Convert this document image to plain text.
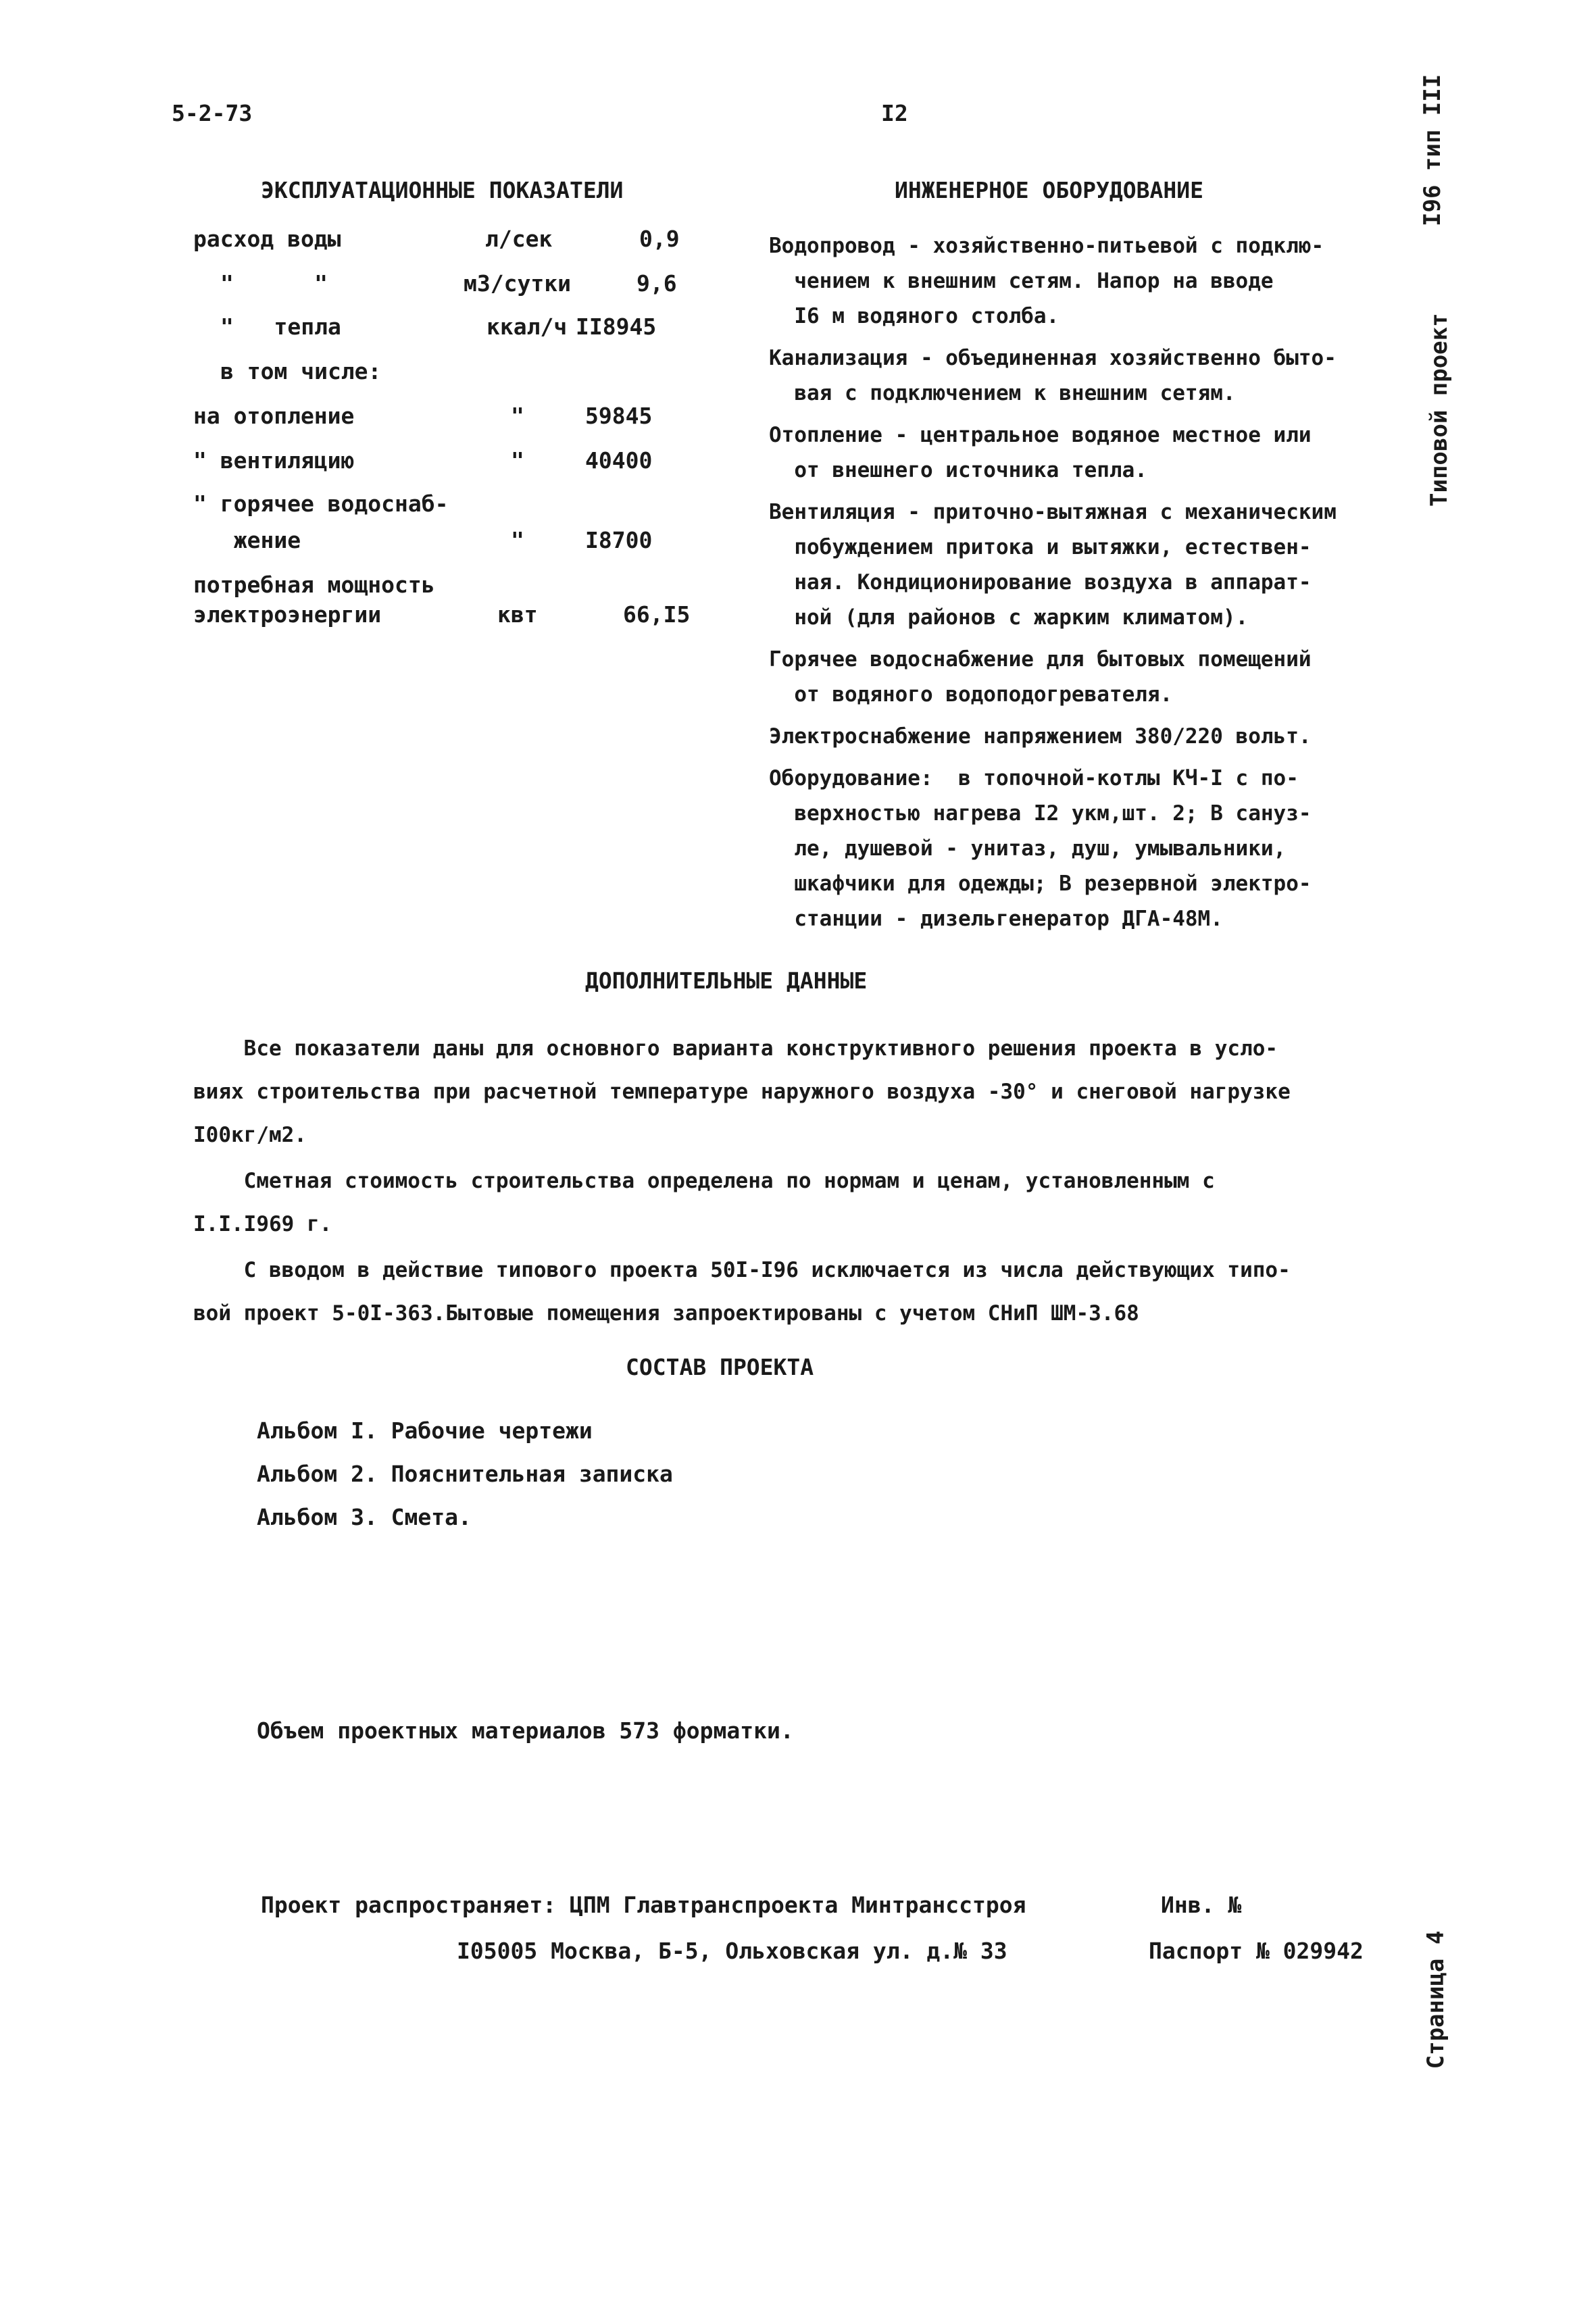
5-2-73	I2	I96 тип III
Типовой проект
Страница 4
ЭКСПЛУАТАЦИОННЫЕ ПОКАЗАТЕЛИ
расход воды	л/сек	0,9
"      "	м3/сутки	9,6
"   тепла	ккал/ч II8945
в том числе:
на отопление	"	59845
" вентиляцию	"	40400
" горячее водоснаб-
жение	"	I8700
потребная мощность
электроэнергии	квт	66,I5
ИНЖЕНЕРНОЕ ОБОРУДОВАНИЕ
Водопровод - хозяйственно-питьевой с подклю-
чением к внешним сетям. Напор на вводе
I6 м водяного столба.
Канализация - объединенная хозяйственно быто-
вая с подключением к внешним сетям.
Отопление - центральное водяное местное или
от внешнего источника тепла.
Вентиляция - приточно-вытяжная с механическим
побуждением притока и вытяжки, естествен-
ная. Кондиционирование воздуха в аппарат-
ной (для районов с жарким климатом).
Горячее водоснабжение для бытовых помещений
от водяного водоподогревателя.
Электроснабжение напряжением 380/220 вольт.
Оборудование:  в топочной-котлы КЧ-I с по-
верхностью нагрева I2 укм,шт. 2; В сануз-
ле, душевой - унитаз, душ, умывальники,
шкафчики для одежды; В резервной электро-
станции - дизельгенератор ДГА-48М.
ДОПОЛНИТЕЛЬНЫЕ ДАННЫЕ
Все показатели даны для основного варианта конструктивного решения проекта в усло-
виях строительства при расчетной температуре наружного воздуха -30° и снеговой нагрузке
I00кг/м2.
Сметная стоимость строительства определена по нормам и ценам, установленным с
I.I.I969 г.
С вводом в действие типового проекта 50I-I96 исключается из числа действующих типо-
вой проект 5-0I-363.Бытовые помещения запроектированы с учетом СНиП ШМ-3.68
СОСТАВ ПРОЕКТА
Альбом I. Рабочие чертежи
Альбом 2. Пояснительная записка
Альбом 3. Смета.
Объем проектных материалов 573 форматки.
Проект распространяет: ЦПМ Главтранспроекта Минтрансстроя
I05005 Москва, Б-5, Ольховская ул. д.№ 33
Инв. №
Паспорт № 029942
